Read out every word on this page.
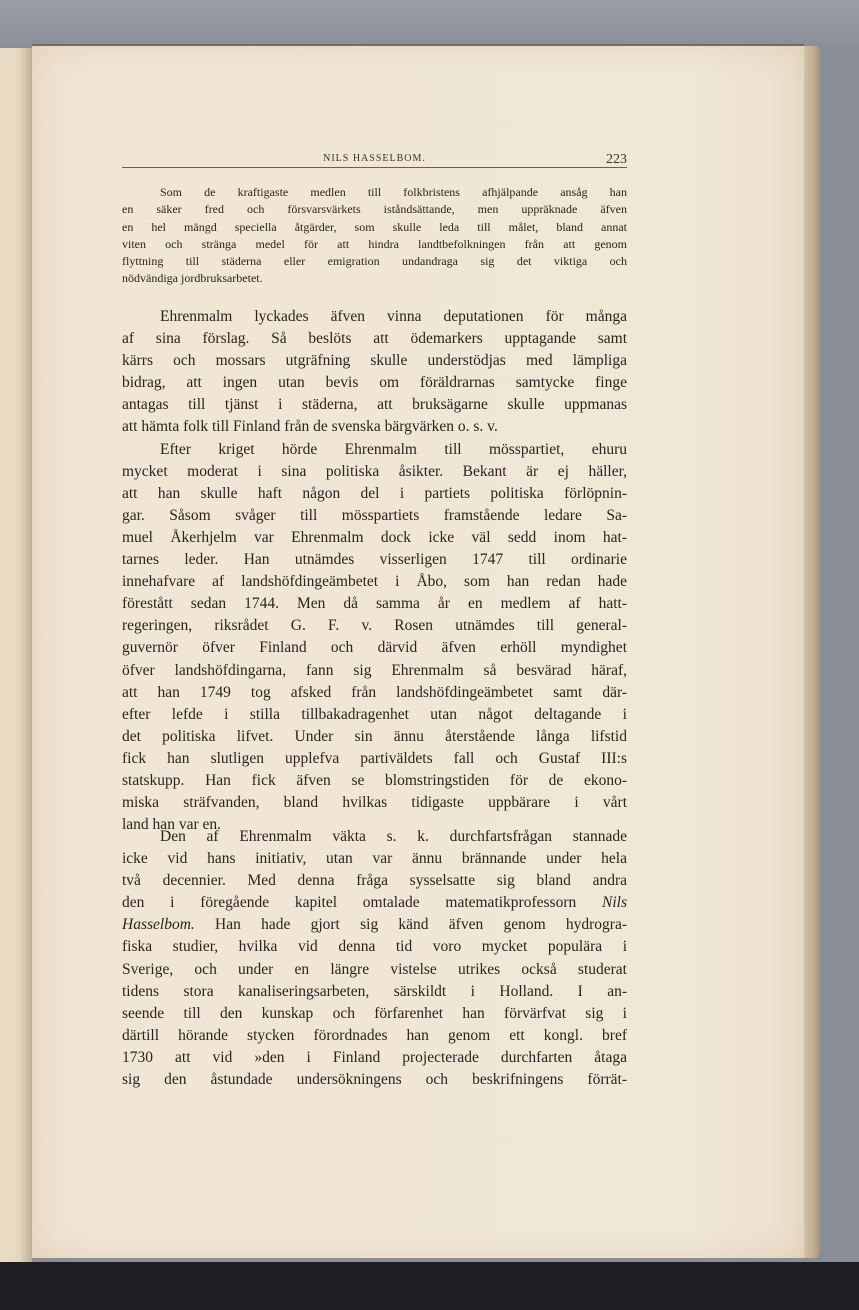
NILS HASSELBOM.	223
Som de kraftigaste medlen till folkbristens afhjälpande ansåg han
en säker fred och försvarsvärkets iståndsättande, men uppräknade äfven
en hel mängd speciella åtgärder, som skulle leda till målet, bland annat
viten och stränga medel för att hindra landtbefolkningen från att genom
flyttning till städerna eller emigration undandraga sig det viktiga och
nödvändiga jordbruksarbetet.
Ehrenmalm lyckades äfven vinna deputationen för många
af sina förslag. Så beslöts att ödemarkers upptagande samt
kärrs och mossars utgräfning skulle understödjas med lämpliga
bidrag, att ingen utan bevis om föräldrarnas samtycke finge
antagas till tjänst i städerna, att bruksägarne skulle uppmanas
att hämta folk till Finland från de svenska bärgvärken o. s. v.
Efter kriget hörde Ehrenmalm till mösspartiet, ehuru
mycket moderat i sina politiska åsikter. Bekant är ej häller,
att han skulle haft någon del i partiets politiska förlöpnin-
gar. Såsom svåger till mösspartiets framstående ledare Sa-
muel Åkerhjelm var Ehrenmalm dock icke väl sedd inom hat-
tarnes leder. Han utnämdes visserligen 1747 till ordinarie
innehafvare af landshöfdingeämbetet i Åbo, som han redan hade
förestått sedan 1744. Men då samma år en medlem af hatt-
regeringen, riksrådet G. F. v. Rosen utnämdes till general-
guvernör öfver Finland och därvid äfven erhöll myndighet
öfver landshöfdingarna, fann sig Ehrenmalm så besvärad häraf,
att han 1749 tog afsked från landshöfdingeämbetet samt där-
efter lefde i stilla tillbakadragenhet utan något deltagande i
det politiska lifvet. Under sin ännu återstående långa lifstid
fick han slutligen upplefva partiväldets fall och Gustaf III:s
statskupp. Han fick äfven se blomstringstiden för de ekono-
miska sträfvanden, bland hvilkas tidigaste uppbärare i vårt
land han var en.
Den af Ehrenmalm väkta s. k. durchfartsfrågan stannade
icke vid hans initiativ, utan var ännu brännande under hela
två decennier. Med denna fråga sysselsatte sig bland andra
den i föregående kapitel omtalade matematikprofessorn Nils
Hasselbom. Han hade gjort sig känd äfven genom hydrogra-
fiska studier, hvilka vid denna tid voro mycket populära i
Sverige, och under en längre vistelse utrikes också studerat
tidens stora kanaliseringsarbeten, särskildt i Holland. I an-
seende till den kunskap och förfarenhet han förvärfvat sig i
därtill hörande stycken förordnades han genom ett kongl. bref
1730 att vid »den i Finland projecterade durchfarten åtaga
sig den åstundade undersökningens och beskrifningens förrät-
